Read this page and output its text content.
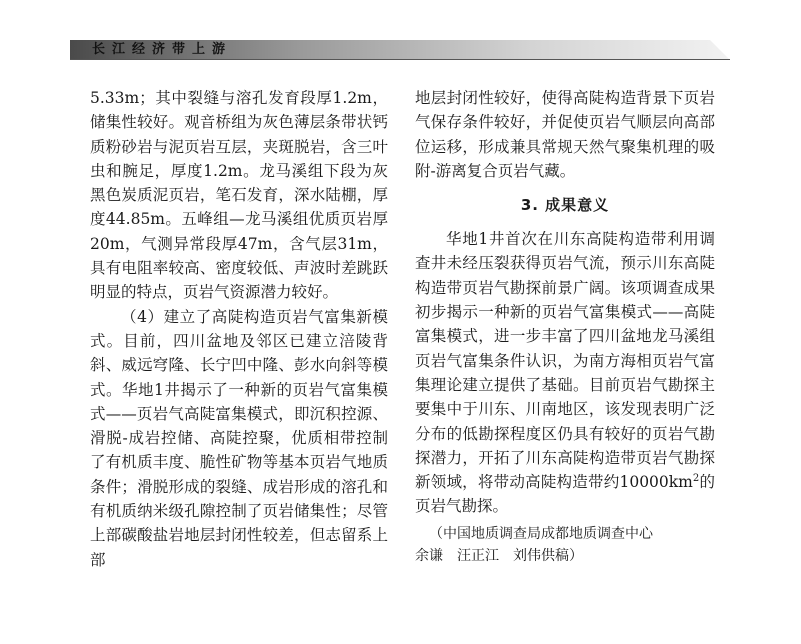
长江经济带上游

5.33m；其中裂缝与溶孔发育段厚1.2m，储集性较好。观音桥组为灰色薄层条带状钙质粉砂岩与泥页岩互层，夹斑脱岩，含三叶虫和腕足，厚度1.2m。龙马溪组下段为灰黑色炭质泥页岩，笔石发育，深水陆棚，厚度44.85m。五峰组—龙马溪组优质页岩厚20m，气测异常段厚47m，含气层31m，具有电阻率较高、密度较低、声波时差跳跃明显的特点，页岩气资源潜力较好。

（4）建立了高陡构造页岩气富集新模式。目前，四川盆地及邻区已建立涪陵背斜、威远穹隆、长宁凹中隆、彭水向斜等模式。华地1井揭示了一种新的页岩气富集模式——页岩气高陡富集模式，即沉积控源、滑脱-成岩控储、高陡控聚，优质相带控制了有机质丰度、脆性矿物等基本页岩气地质条件；滑脱形成的裂缝、成岩形成的溶孔和有机质纳米级孔隙控制了页岩储集性；尽管上部碳酸盐岩地层封闭性较差，但志留系上部

地层封闭性较好，使得高陡构造背景下页岩气保存条件较好，并促使页岩气顺层向高部位运移，形成兼具常规天然气聚集机理的吸附-游离复合页岩气藏。

3. 成果意义

华地1井首次在川东高陡构造带利用调查井未经压裂获得页岩气流，预示川东高陡构造带页岩气勘探前景广阔。该项调查成果初步揭示一种新的页岩气富集模式——高陡富集模式，进一步丰富了四川盆地龙马溪组页岩气富集条件认识，为南方海相页岩气富集理论建立提供了基础。目前页岩气勘探主要集中于川东、川南地区，该发现表明广泛分布的低勘探程度区仍具有较好的页岩气勘探潜力，开拓了川东高陡构造带页岩气勘探新领域，将带动高陡构造带约$10000km^2$的页岩气勘探。

（中国地质调查局成都地质调查中心
余谦　汪正江　刘伟供稿）
